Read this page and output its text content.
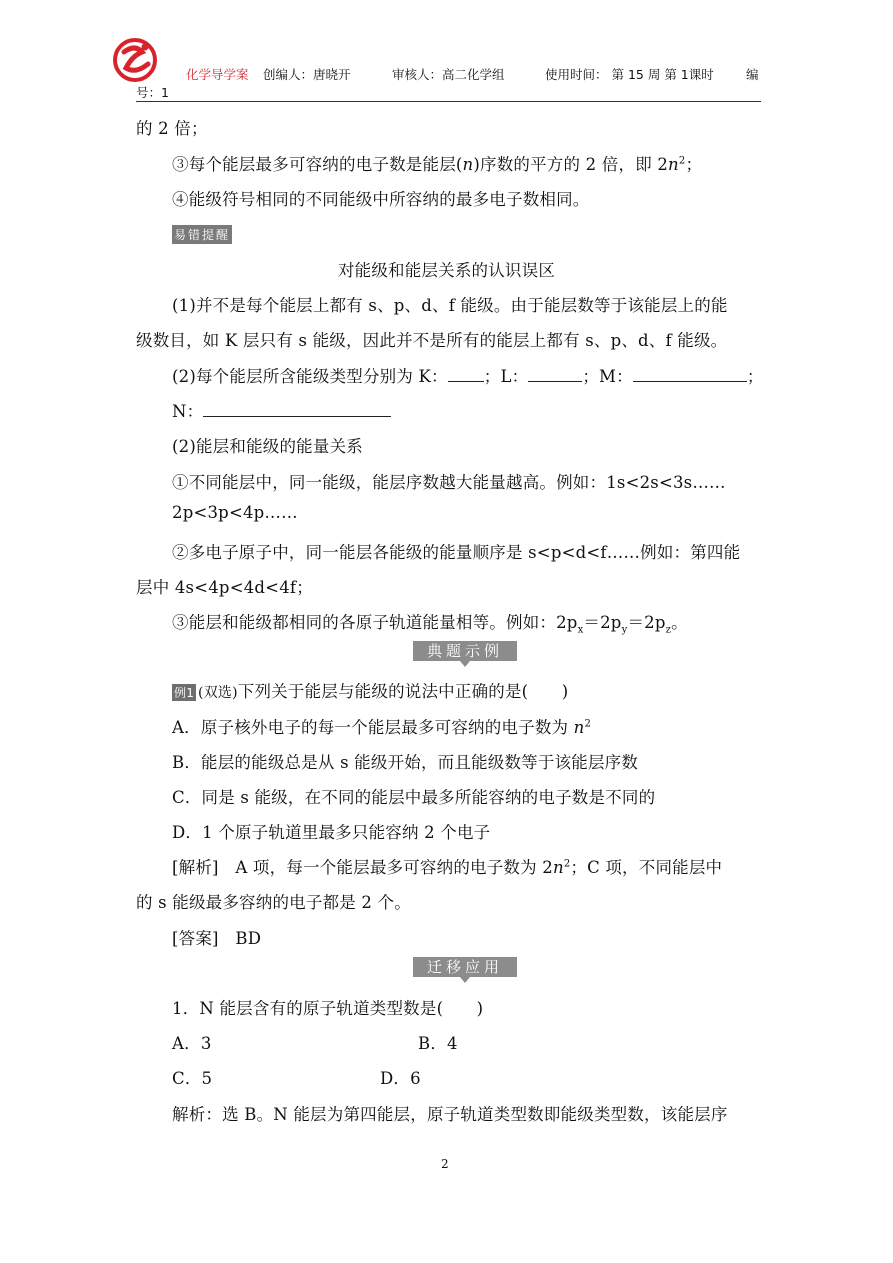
化学导学案 创编人：唐晓开	审核人：高二化学组	使用时间： 第 15 周 第 1课时	编
号：1
的 2 倍；
③每个能层最多可容纳的电子数是能层(n)序数的平方的 2 倍，即 $2n^2$；
④能级符号相同的不同能级中所容纳的最多电子数相同。
易错提醒
对能级和能层关系的认识误区
(1)并不是每个能层上都有 s、p、d、f 能级。由于能层数等于该能层上的能
级数目，如 K 层只有 s 能级，因此并不是所有的能层上都有 s、p、d、f 能级。
(2)每个能层所含能级类型分别为 K： ；L：	；M：	；
N：
(2)能层和能级的能量关系
①不同能层中，同一能级，能层序数越大能量越高。例如：1s<2s<3s……
2p<3p<4p……
②多电子原子中，同一能层各能级的能量顺序是 s<p<d<f……例如：第四能
层中 4s<4p<4d<4f；
③能层和能级都相同的各原子轨道能量相等。例如：$2p_x=2p_y=2p_z$。
典题示例
例1 (双选)下列关于能层与能级的说法中正确的是(　　)
A．原子核外电子的每一个能层最多可容纳的电子数为 $n^2$
B．能层的能级总是从 s 能级开始，而且能级数等于该能层序数
C．同是 s 能级，在不同的能层中最多所能容纳的电子数是不同的
D．1 个原子轨道里最多只能容纳 2 个电子
[解析]　A 项，每一个能层最多可容纳的电子数为 $2n^2$；C 项，不同能层中
的 s 能级最多容纳的电子都是 2 个。
[答案]　BD
迁移应用
1．N 能层含有的原子轨道类型数是(　　)
A．3	B．4
C．5	D．6
解析：选 B。N 能层为第四能层，原子轨道类型数即能级类型数，该能层序
2
